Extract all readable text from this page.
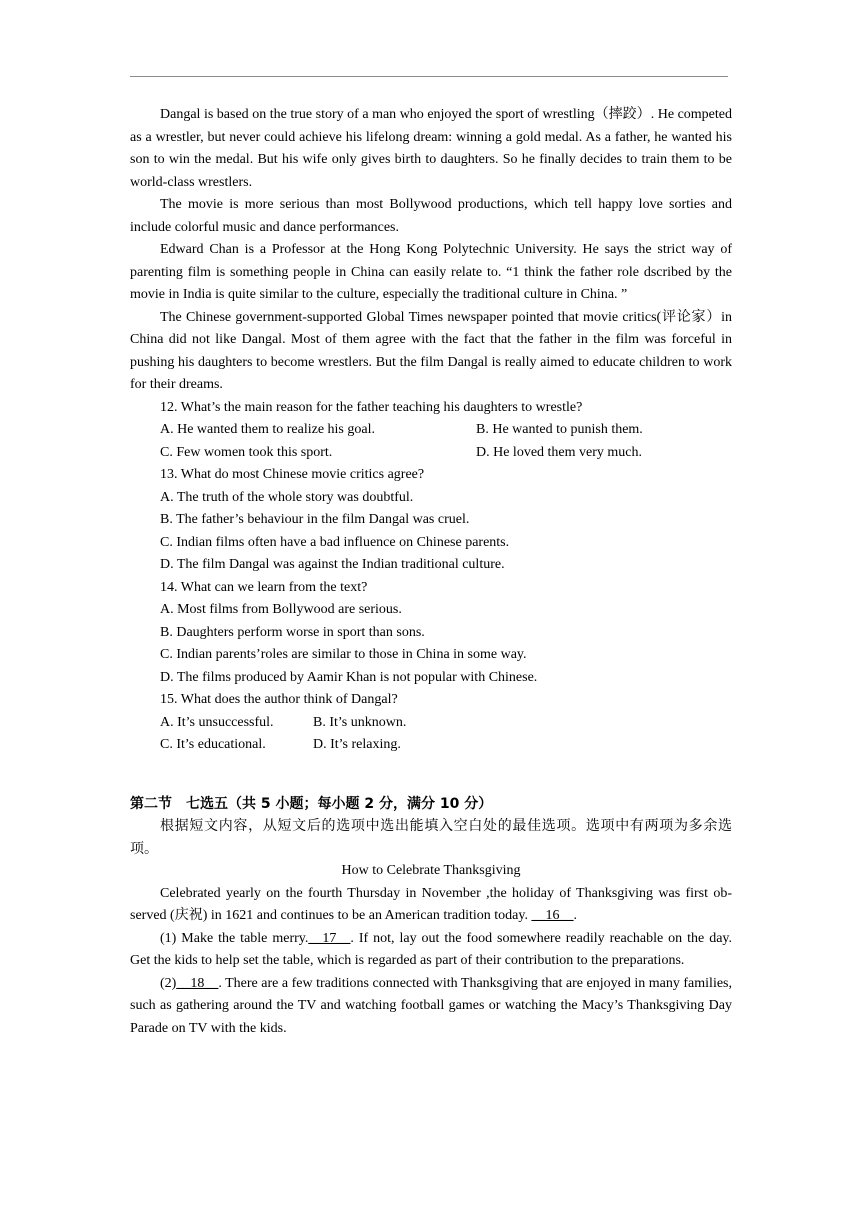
Dangal is based on the true story of a man who enjoyed the sport of wrestling（摔跤）. He competed as a wrestler, but never could achieve his lifelong dream: winning a gold medal. As a father, he wanted his son to win the medal. But his wife only gives birth to daughters. So he finally decides to train them to be world-class wrestlers.

The movie is more serious than most Bollywood productions, which tell happy love sorties and include colorful music and dance performances.

Edward Chan is a Professor at the Hong Kong Polytechnic University. He says the strict way of parenting film is something people in China can easily relate to. “1 think the father role dscribed by the movie in India is quite similar to the culture, especially the traditional culture in China. ”

The Chinese government-supported Global Times newspaper pointed that movie critics(评论家）in China did not like Dangal. Most of them agree with the fact that the father in the film was forceful in pushing his daughters to become wrestlers. But the film Dangal is really aimed to educate children to work for their dreams.

12. What’s the main reason for the father teaching his daughters to wrestle?

A. He wanted them to realize his goal.	B. He wanted to punish them.
C. Few women took this sport.	D. He loved them very much.

13. What do most Chinese movie critics agree?

A. The truth of the whole story was doubtful.

B. The father’s behaviour in the film Dangal was cruel.

C. Indian films often have a bad influence on Chinese parents.

D. The film Dangal was against the Indian traditional culture.

14. What can we learn from the text?

A. Most films from Bollywood are serious.

B. Daughters perform worse in sport than sons.

C. Indian parents’roles are similar to those in China in some way.

D. The films produced by Aamir Khan is not popular with Chinese.

15. What does the author think of Dangal?

A. It’s unsuccessful.	B. It’s unknown.
C. It’s educational.	D. It’s relaxing.

第二节　七选五（共 5 小题；每小题 2 分，满分 10 分）

根据短文内容，从短文后的选项中选出能填入空白处的最佳选项。选项中有两项为多余选项。

How to Celebrate Thanksgiving

Celebrated yearly on the fourth Thursday in November ,the holiday of Thanksgiving was first ob-served (庆祝) in 1621 and continues to be an American tradition today. __16__.

(1) Make the table merry.__17__. If not, lay out the food somewhere readily reachable on the day. Get the kids to help set the table, which is regarded as part of their contribution to the preparations.

(2)__18__. There are a few traditions connected with Thanksgiving that are enjoyed in many families, such as gathering around the TV and watching football games or watching the Macy’s Thanksgiving Day Parade on TV with the kids.
